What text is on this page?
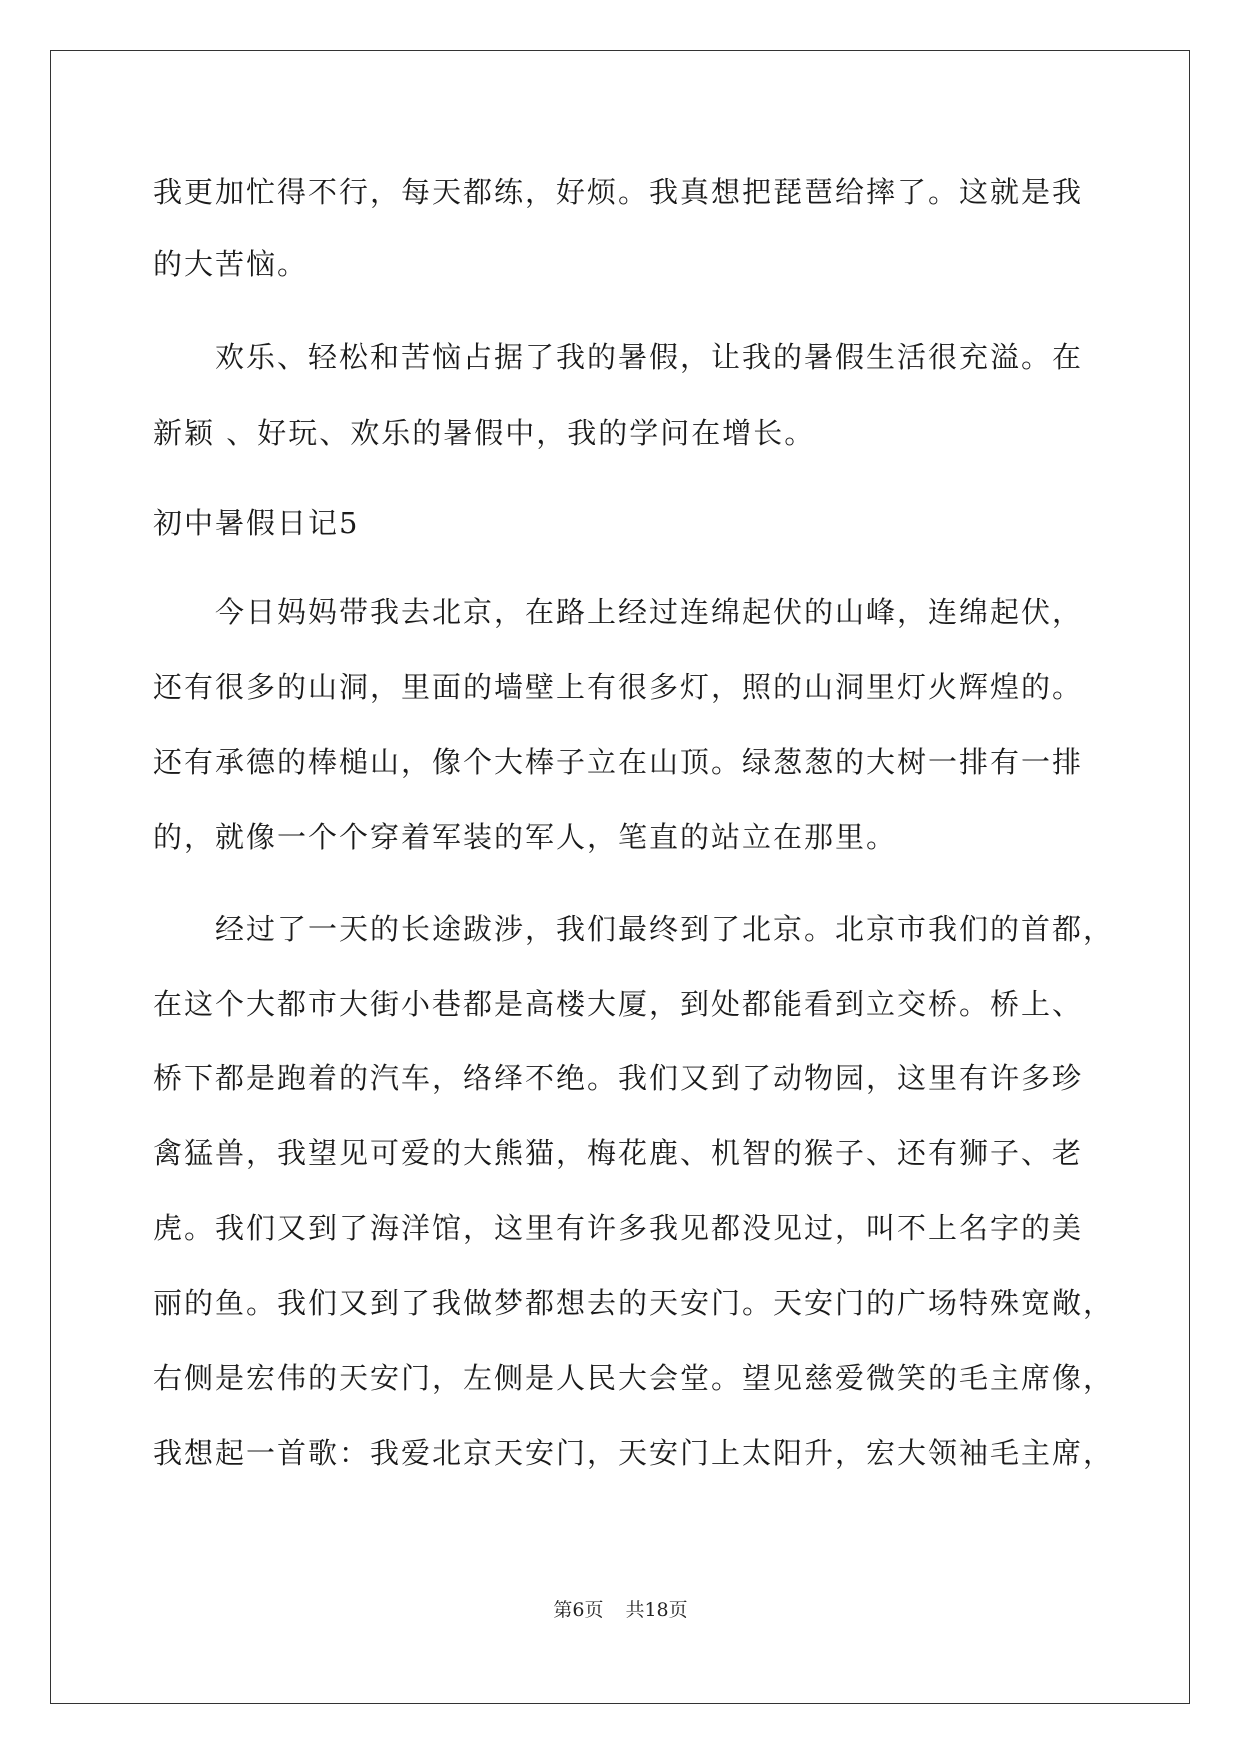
我更加忙得不行，每天都练，好烦。我真想把琵琶给摔了。这就是我
的大苦恼。
欢乐、轻松和苦恼占据了我的暑假，让我的暑假生活很充溢。在
新颖 、好玩、欢乐的暑假中，我的学问在增长。
初中暑假日记5
今日妈妈带我去北京，在路上经过连绵起伏的山峰，连绵起伏，
还有很多的山洞，里面的墙壁上有很多灯，照的山洞里灯火辉煌的。
还有承德的棒槌山，像个大棒子立在山顶。绿葱葱的大树一排有一排
的，就像一个个穿着军装的军人，笔直的站立在那里。
经过了一天的长途跋涉，我们最终到了北京。北京市我们的首都，
在这个大都市大街小巷都是高楼大厦，到处都能看到立交桥。桥上、
桥下都是跑着的汽车，络绎不绝。我们又到了动物园，这里有许多珍
禽猛兽，我望见可爱的大熊猫，梅花鹿、机智的猴子、还有狮子、老
虎。我们又到了海洋馆，这里有许多我见都没见过，叫不上名字的美
丽的鱼。我们又到了我做梦都想去的天安门。天安门的广场特殊宽敞，
右侧是宏伟的天安门，左侧是人民大会堂。望见慈爱微笑的毛主席像，
我想起一首歌：我爱北京天安门，天安门上太阳升，宏大领袖毛主席，
第6页 共18页
